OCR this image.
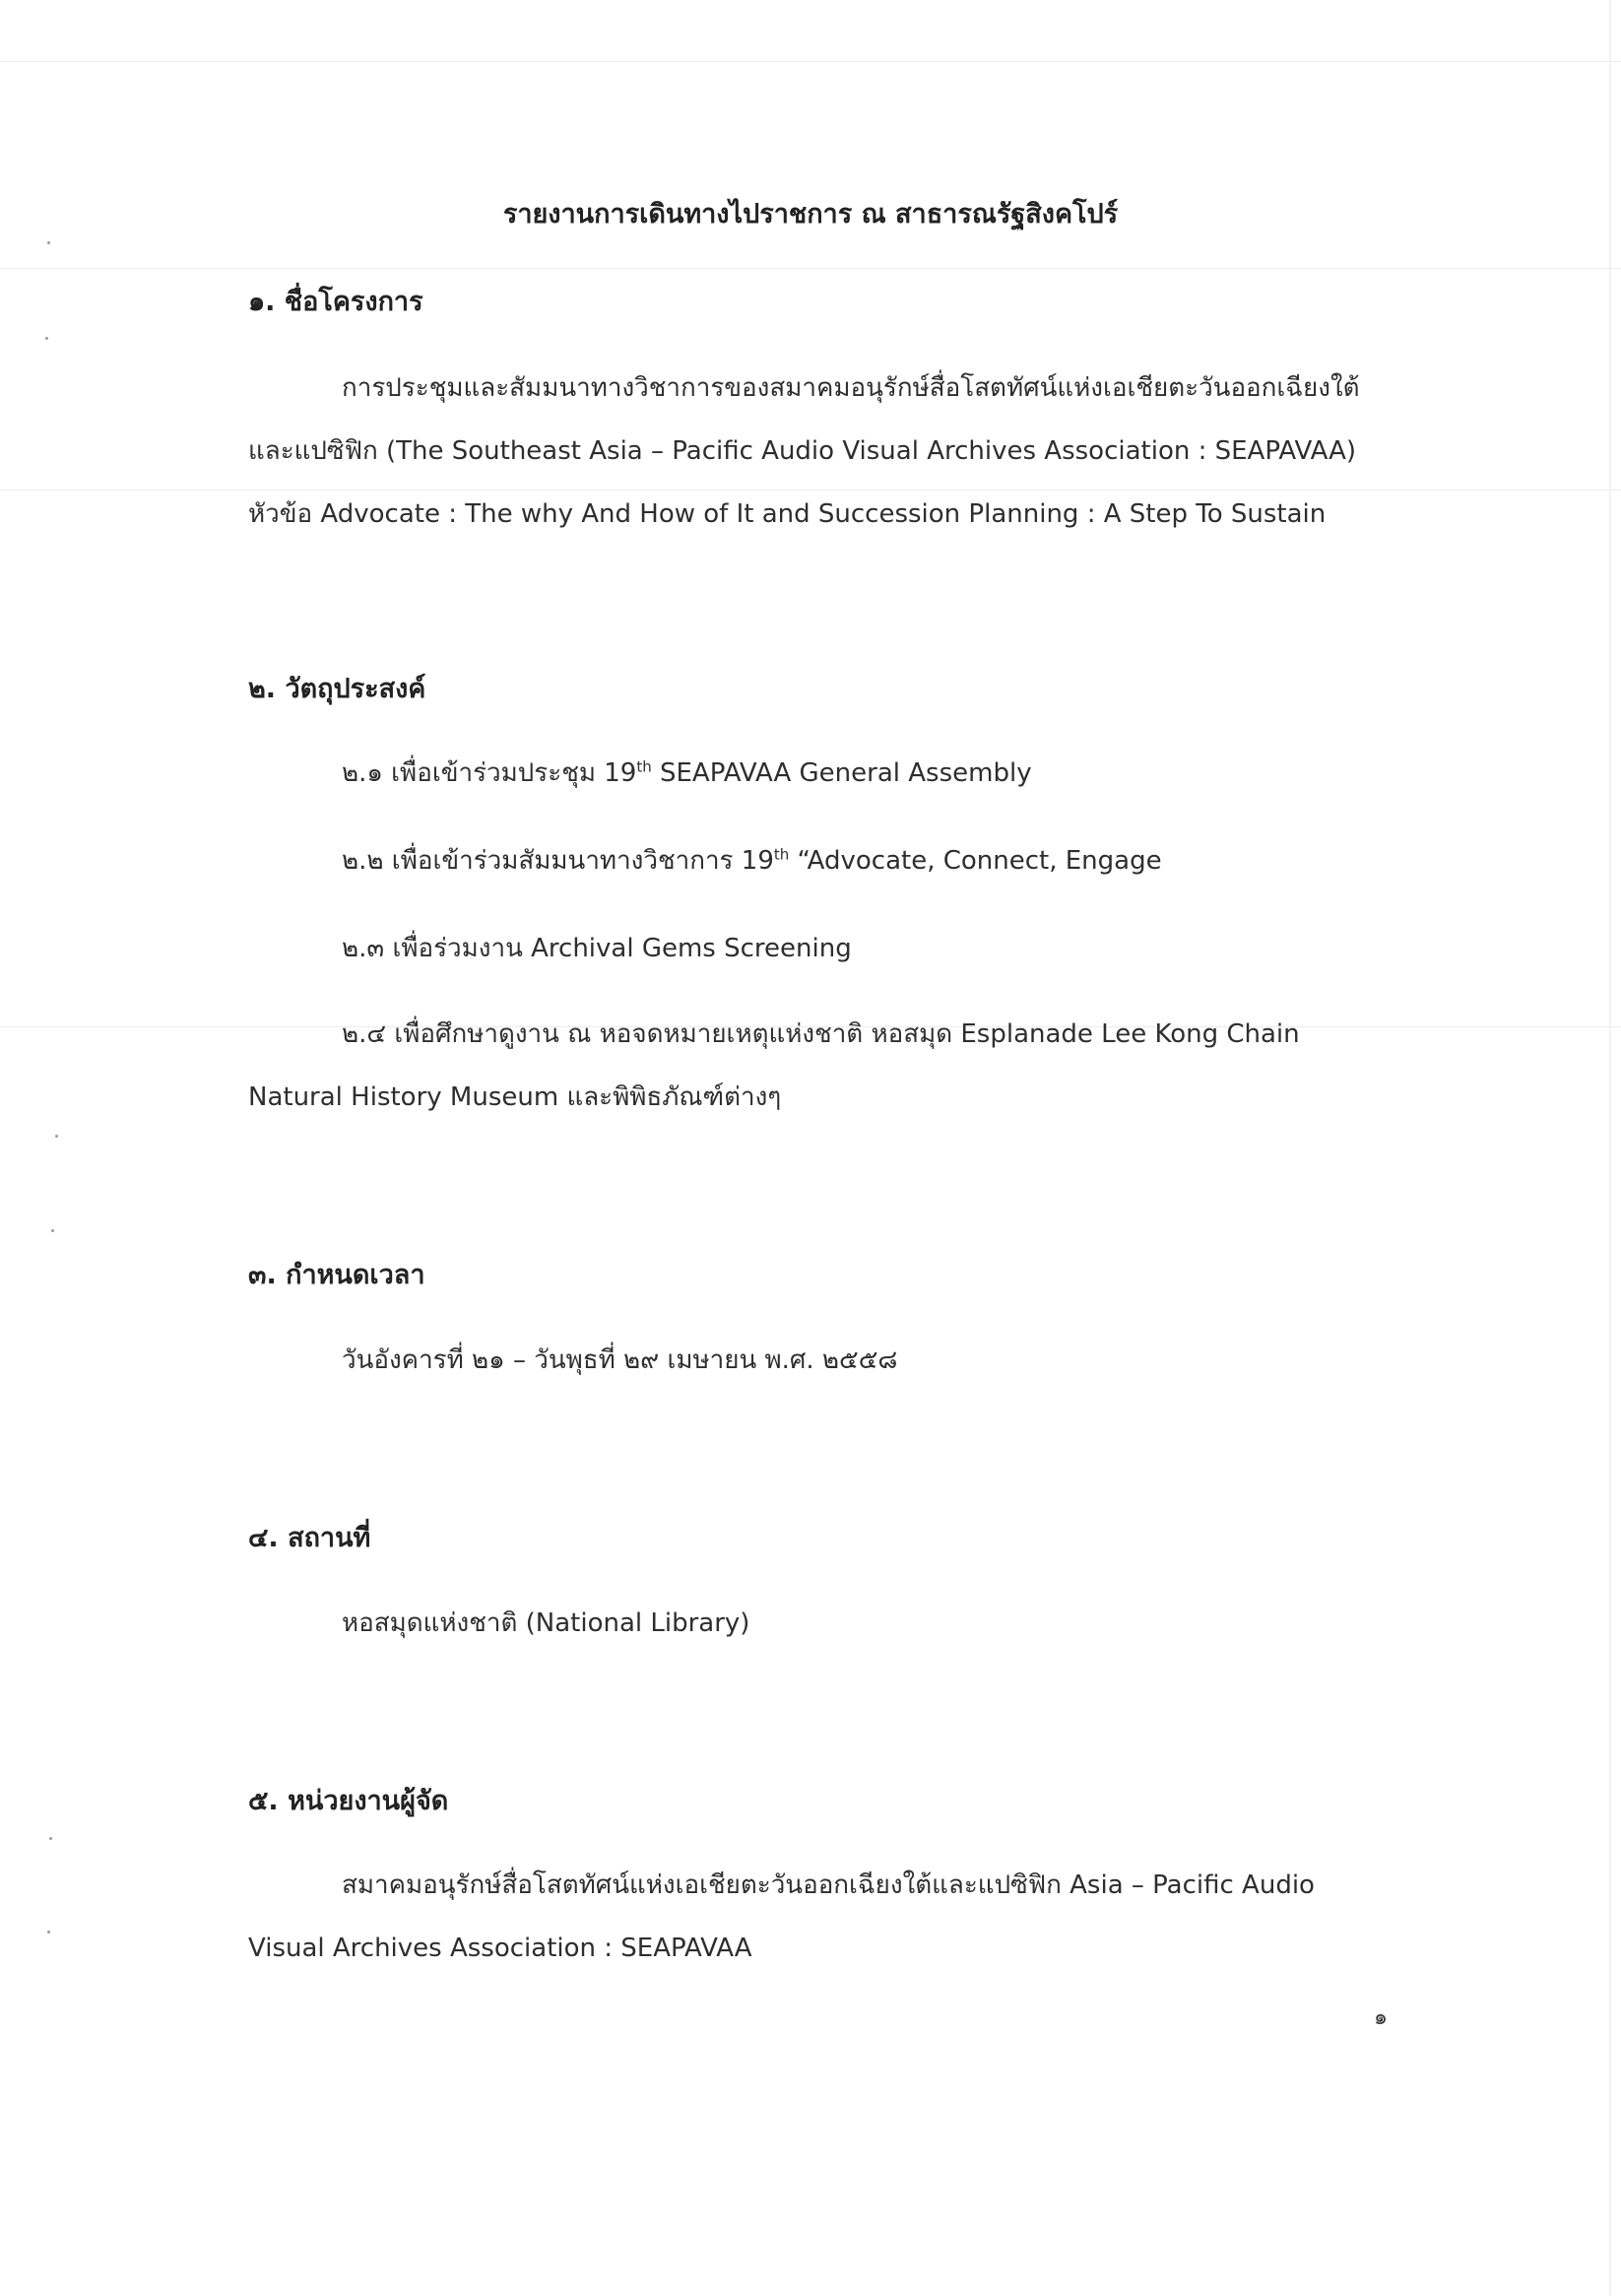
รายงานการเดินทางไปราชการ ณ สาธารณรัฐสิงคโปร์
๑. ชื่อโครงการ

การประชุมและสัมมนาทางวิชาการของสมาคมอนุรักษ์สื่อโสตทัศน์แห่งเอเชียตะวันออกเฉียงใต้และแปซิฟิก (The Southeast Asia – Pacific Audio Visual Archives Association : SEAPAVAA) หัวข้อ Advocate : The why And How of It and Succession Planning : A Step To Sustain

๒. วัตถุประสงค์
๒.๑ เพื่อเข้าร่วมประชุม 19th SEAPAVAA General Assembly
๒.๒ เพื่อเข้าร่วมสัมมนาทางวิชาการ 19th “Advocate, Connect, Engage
๒.๓ เพื่อร่วมงาน Archival Gems Screening

๒.๔ เพื่อศึกษาดูงาน ณ หอจดหมายเหตุแห่งชาติ หอสมุด Esplanade Lee Kong Chain Natural History Museum และพิพิธภัณฑ์ต่างๆ

๓. กำหนดเวลา
วันอังคารที่ ๒๑ – วันพุธที่ ๒๙ เมษายน พ.ศ. ๒๕๕๘
๔. สถานที่
หอสมุดแห่งชาติ (National Library)
๕. หน่วยงานผู้จัด

สมาคมอนุรักษ์สื่อโสตทัศน์แห่งเอเชียตะวันออกเฉียงใต้และแปซิฟิก Asia – Pacific Audio Visual Archives Association : SEAPAVAA

๑
